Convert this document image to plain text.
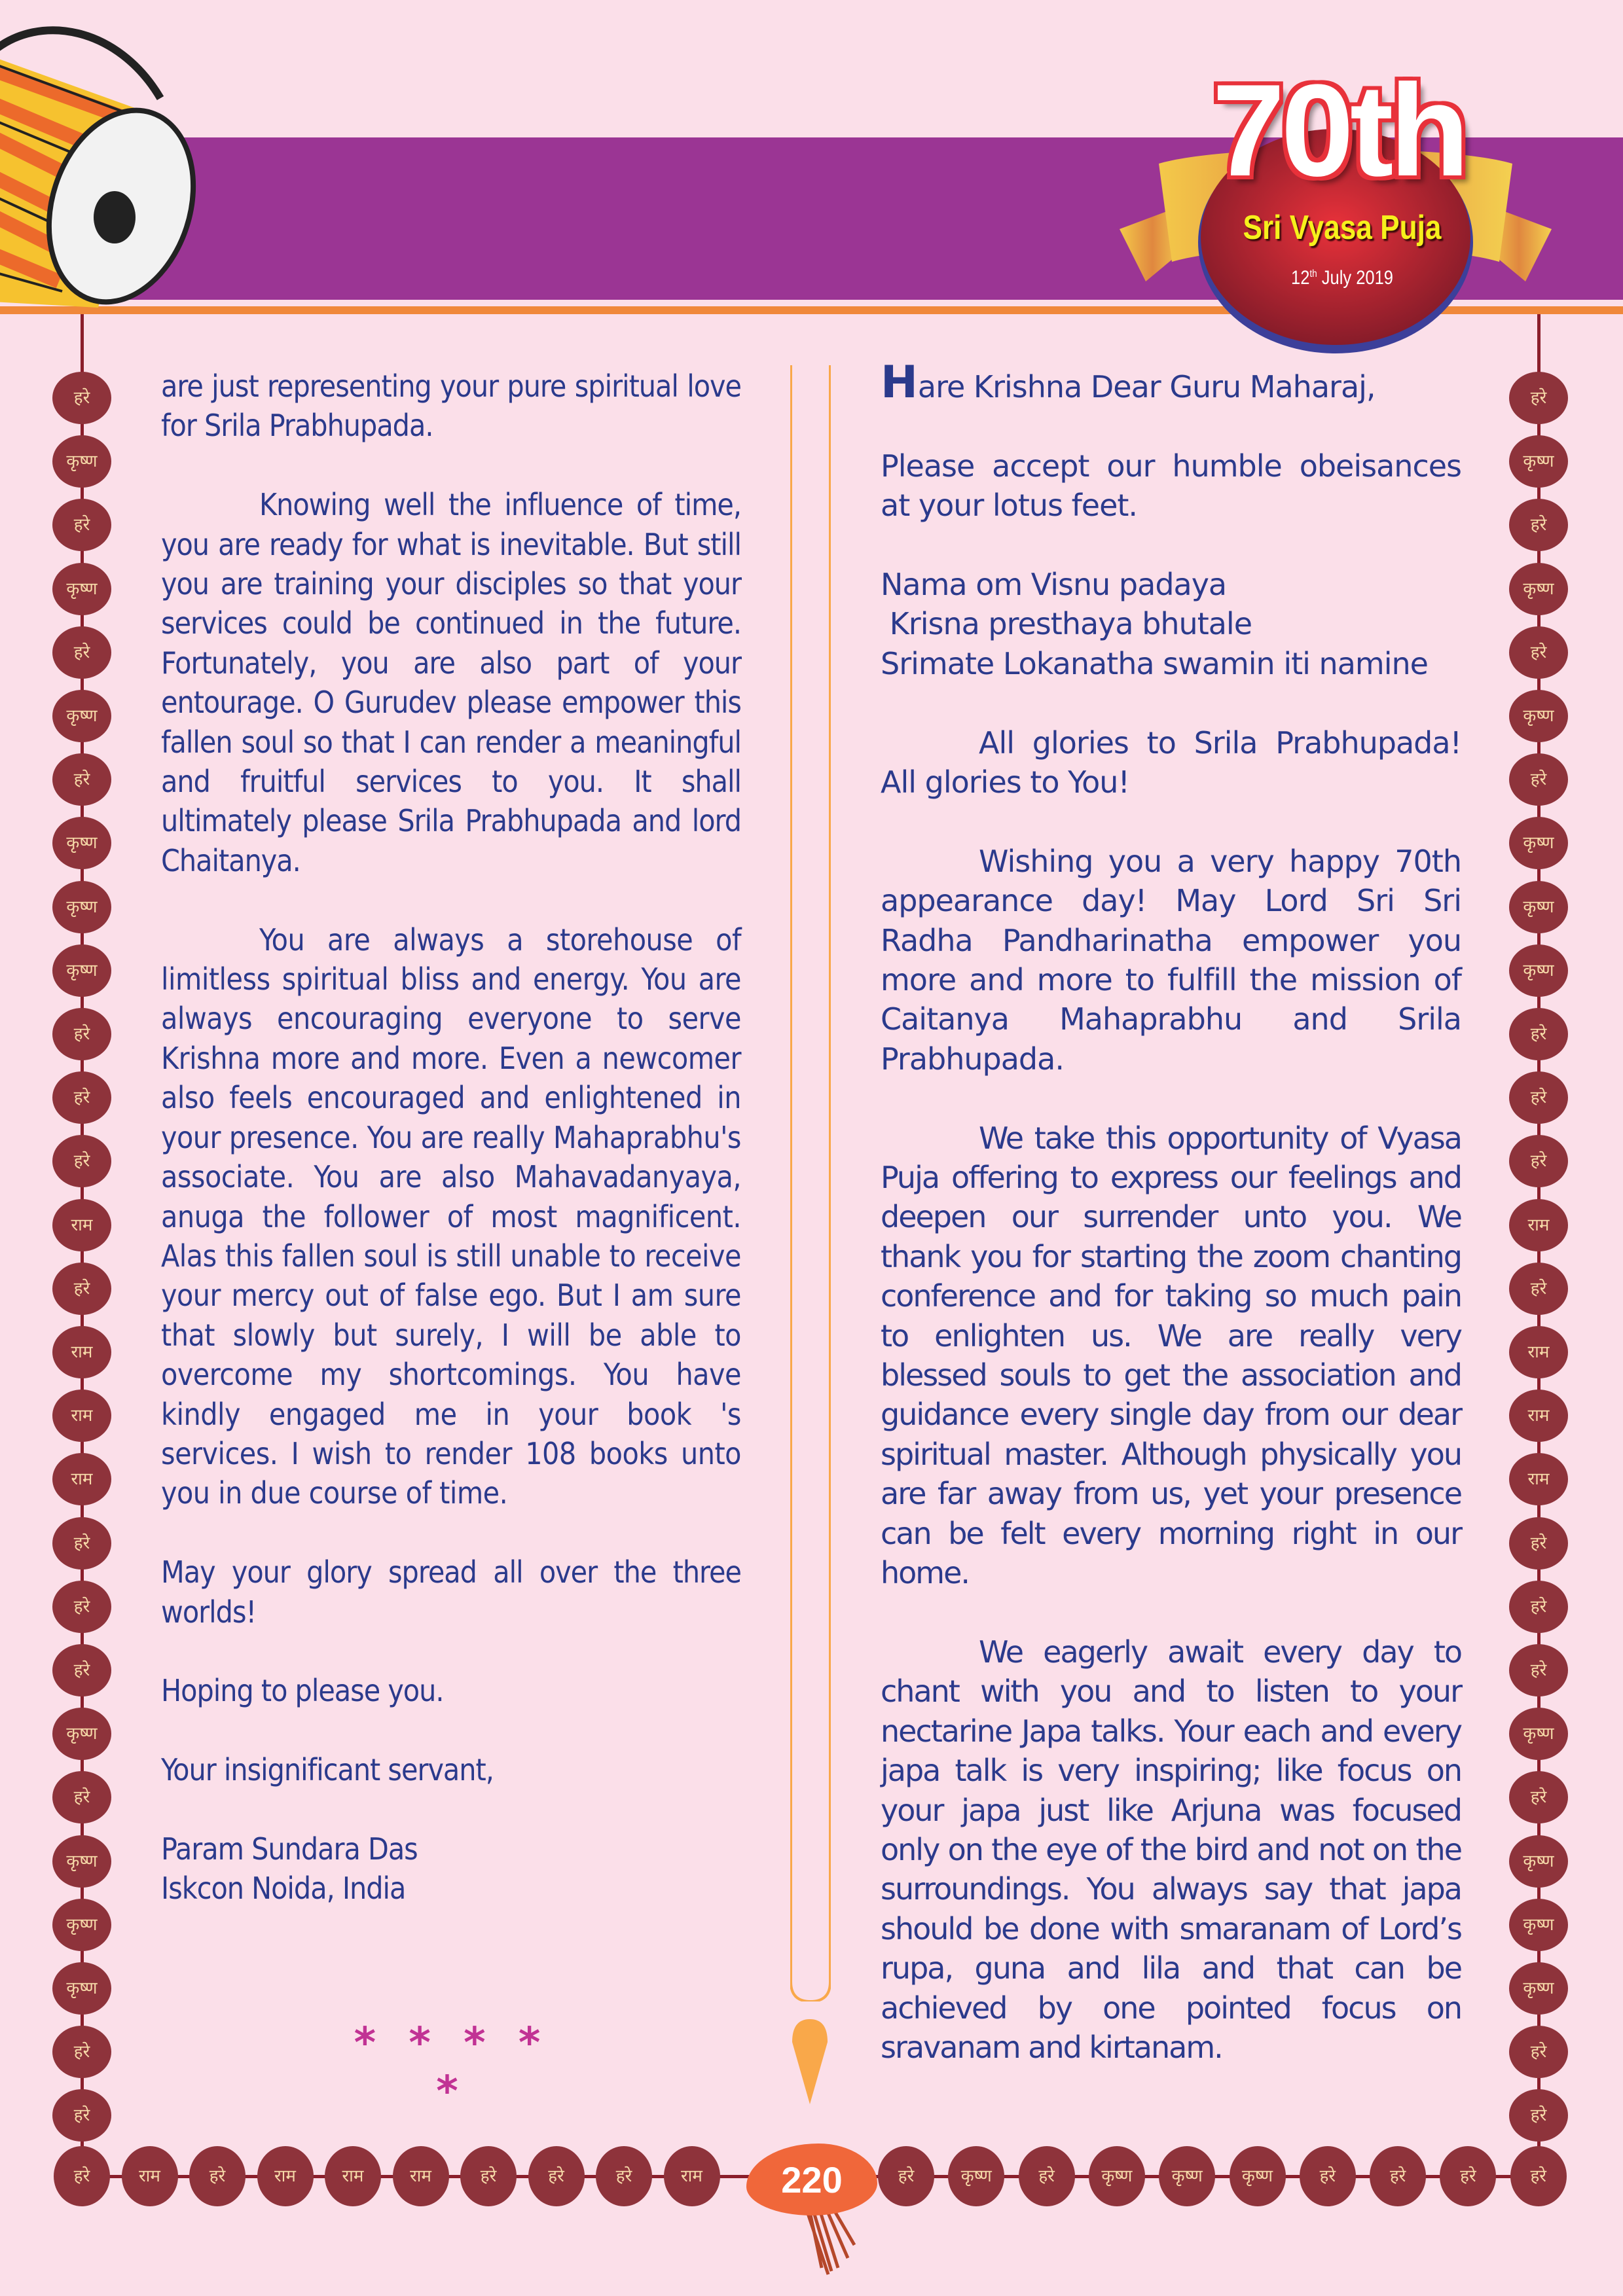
70th
Sri Vyasa Puja
12th July 2019
हरे
कृष्ण
हरे
कृष्ण
हरे
कृष्ण
हरे
कृष्ण
कृष्ण
कृष्ण
हरे
हरे
हरे
राम
हरे
राम
राम
राम
हरे
हरे
हरे
कृष्ण
हरे
कृष्ण
कृष्ण
कृष्ण
हरे
हरे
हरे
कृष्ण
हरे
कृष्ण
हरे
कृष्ण
हरे
कृष्ण
कृष्ण
कृष्ण
हरे
हरे
हरे
राम
हरे
राम
राम
राम
हरे
हरे
हरे
कृष्ण
हरे
कृष्ण
कृष्ण
कृष्ण
हरे
हरे
हरे	राम	हरे	राम	राम	राम	हरे	हरे	हरे	राम	हरे	कृष्ण	हरे	कृष्ण	कृष्ण	कृष्ण	हरे	हरे	हरे	हरे

are just representing your pure spiritual love for Srila Prabhupada.

Knowing well the influence of time, you are ready for what is inevitable. But still you are training your disciples so that your services could be continued in the future. Fortunately, you are also part of your entourage. O Gurudev please empower this fallen soul so that I can render a meaningful and fruitful services to you. It shall ultimately please Srila Prabhupada and lord Chaitanya.

You are always a storehouse of limitless spiritual bliss and energy. You are always encouraging everyone to serve Krishna more and more. Even a newcomer also feels encouraged and enlightened in your presence. You are really Mahaprabhu's associate. You are also Mahavadanyaya, anuga the follower of most magnificent. Alas this fallen soul is still unable to receive your mercy out of false ego. But I am sure that slowly but surely, I will be able to overcome my shortcomings. You have kindly engaged me in your book 's services. I wish to render 108 books unto you in due course of time.

May your glory spread all over the three worlds!

Hoping to please you.

Your insignificant servant,

Param Sundara Das
Iskcon Noida, India
* * * * *
Hare Krishna Dear Guru Maharaj,

Please accept our humble obeisances at your lotus feet.

Nama om Visnu padaya
Krisna presthaya bhutale
Srimate Lokanatha swamin iti namine

All glories to Srila Prabhupada! All glories to You!

Wishing you a very happy 70th appearance day! May Lord Sri Sri Radha Pandharinatha empower you more and more to fulfill the mission of Caitanya Mahaprabhu and Srila Prabhupada.

We take this opportunity of Vyasa Puja offering to express our feelings and deepen our surrender unto you. We thank you for starting the zoom chanting conference and for taking so much pain to enlighten us. We are really very blessed souls to get the association and guidance every single day from our dear spiritual master. Although physically you are far away from us, yet your presence can be felt every morning right in our home.

We eagerly await every day to chant with you and to listen to your nectarine Japa talks. Your each and every japa talk is very inspiring; like focus on your japa just like Arjuna was focused only on the eye of the bird and not on the surroundings. You always say that japa should be done with smaranam of Lord’s rupa, guna and lila and that can be achieved by one pointed focus on sravanam and kirtanam.

220
